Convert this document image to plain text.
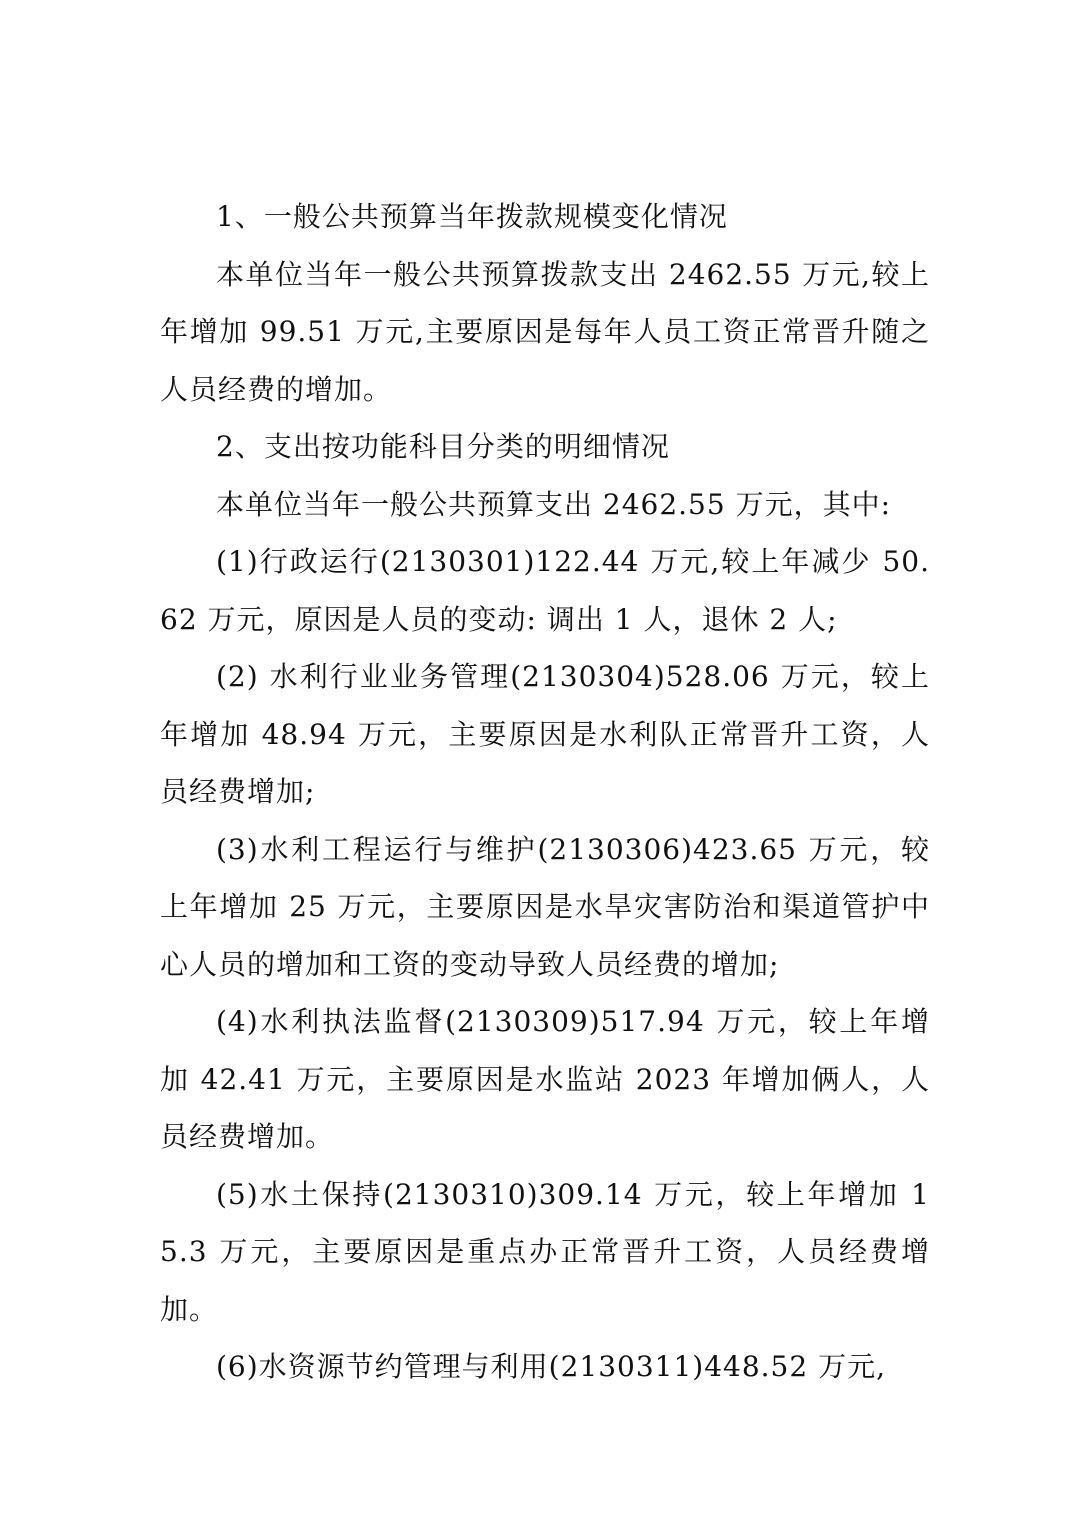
1、一般公共预算当年拨款规模变化情况

本单位当年一般公共预算拨款支出 2462.55 万元,较上年增加 99.51 万元,主要原因是每年人员工资正常晋升随之人员经费的增加。

2、支出按功能科目分类的明细情况

本单位当年一般公共预算支出 2462.55 万元，其中:

(1)行政运行(2130301)122.44 万元,较上年减少 50.62 万元，原因是人员的变动: 调出 1 人，退休 2 人;

(2) 水利行业业务管理(2130304)528.06 万元，较上年增加 48.94 万元，主要原因是水利队正常晋升工资，人员经费增加;

(3)水利工程运行与维护(2130306)423.65 万元，较上年增加 25 万元，主要原因是水旱灾害防治和渠道管护中心人员的增加和工资的变动导致人员经费的增加;

(4)水利执法监督(2130309)517.94 万元，较上年增加 42.41 万元，主要原因是水监站 2023 年增加俩人，人员经费增加。

(5)水土保持(2130310)309.14 万元，较上年增加 15.3 万元，主要原因是重点办正常晋升工资，人员经费增加。

(6)水资源节约管理与利用(2130311)448.52 万元,
